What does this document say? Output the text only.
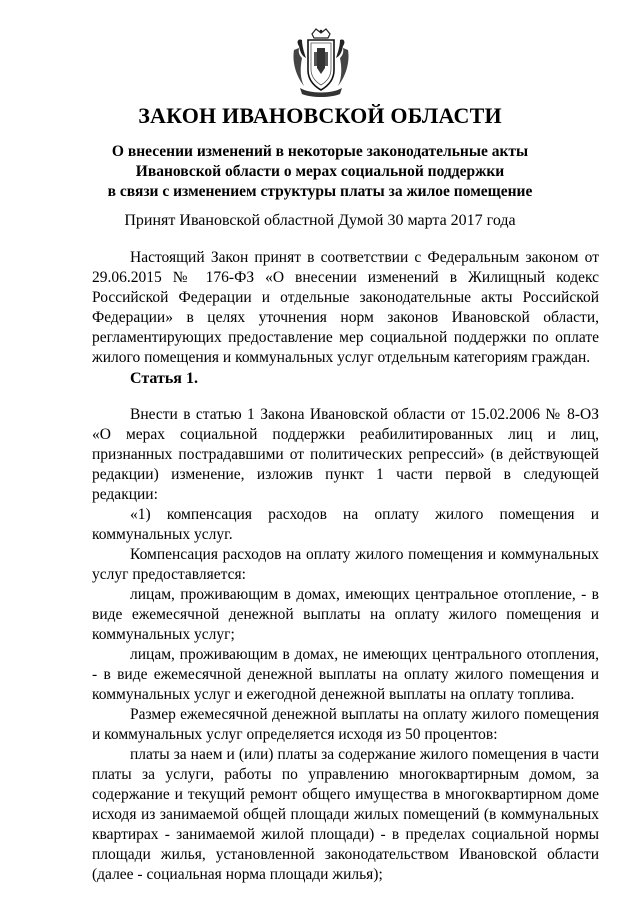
ЗАКОН ИВАНОВСКОЙ ОБЛАСТИ
О внесении изменений в некоторые законодательные акты
Ивановской области о мерах социальной поддержки
в связи с изменением структуры платы за жилое помещение
Принят Ивановской областной Думой 30 марта 2017 года

Настоящий Закон принят в соответствии с Федеральным законом от 29.06.2015 № 176-ФЗ «О внесении изменений в Жилищный кодекс Российской Федерации и отдельные законодательные акты Российской Федерации» в целях уточнения норм законов Ивановской области, регламентирующих предоставление мер социальной поддержки по оплате жилого помещения и коммунальных услуг отдельным категориям граждан.

Статья 1.

Внести в статью 1 Закона Ивановской области от 15.02.2006 № 8-ОЗ «О мерах социальной поддержки реабилитированных лиц и лиц, признанных пострадавшими от политических репрессий» (в действующей редакции) изменение, изложив пункт 1 части первой в следующей редакции:

«1) компенсация расходов на оплату жилого помещения и коммунальных услуг.

Компенсация расходов на оплату жилого помещения и коммунальных услуг предоставляется:

лицам, проживающим в домах, имеющих центральное отопление, - в виде ежемесячной денежной выплаты на оплату жилого помещения и коммунальных услуг;

лицам, проживающим в домах, не имеющих центрального отопления, - в виде ежемесячной денежной выплаты на оплату жилого помещения и коммунальных услуг и ежегодной денежной выплаты на оплату топлива.

Размер ежемесячной денежной выплаты на оплату жилого помещения и коммунальных услуг определяется исходя из 50 процентов:

платы за наем и (или) платы за содержание жилого помещения в части платы за услуги, работы по управлению многоквартирным домом, за содержание и текущий ремонт общего имущества в многоквартирном доме исходя из занимаемой общей площади жилых помещений (в коммунальных квартирах - занимаемой жилой площади) - в пределах социальной нормы площади жилья, установленной законодательством Ивановской области (далее - социальная норма площади жилья);
